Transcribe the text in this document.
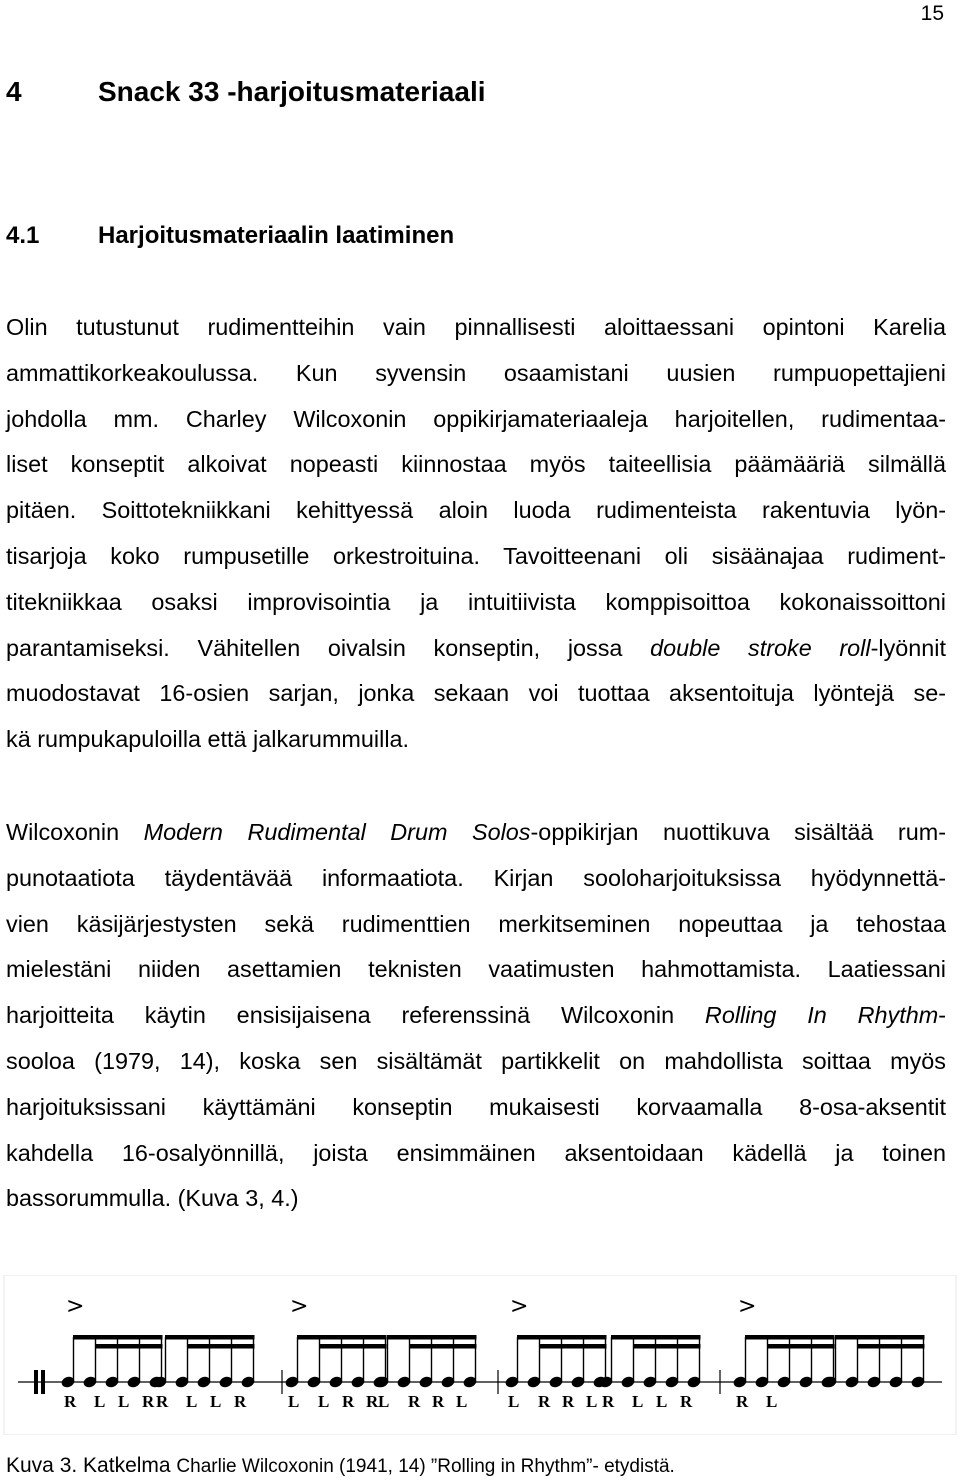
15
4	Snack 33 -harjoitusmateriaali
4.1 Harjoitusmateriaalin laatiminen
Olin tutustunut rudimentteihin vain pinnallisesti aloittaessani opintoni Karelia
ammattikorkeakoulussa. Kun syvensin osaamistani uusien rumpuopettajieni
johdolla mm. Charley Wilcoxonin oppikirjamateriaaleja harjoitellen, rudimentaa-
liset konseptit alkoivat nopeasti kiinnostaa myös taiteellisia päämääriä silmällä
pitäen. Soittotekniikkani kehittyessä aloin luoda rudimenteista rakentuvia lyön-
tisarjoja koko rumpusetille orkestroituina. Tavoitteenani oli sisäänajaa rudiment-
titekniikkaa osaksi improvisointia ja intuitiivista komppisoittoa kokonaissoittoni
parantamiseksi. Vähitellen oivalsin konseptin, jossa double stroke roll-lyönnit
muodostavat 16-osien sarjan, jonka sekaan voi tuottaa aksentoituja lyöntejä se-
kä rumpukapuloilla että jalkarummuilla.
Wilcoxonin Modern Rudimental Drum Solos-oppikirjan nuottikuva sisältää rum-
punotaatiota täydentävää informaatiota. Kirjan sooloharjoituksissa hyödynnettä-
vien käsijärjestysten sekä rudimenttien merkitseminen nopeuttaa ja tehostaa
mielestäni niiden asettamien teknisten vaatimusten hahmottamista. Laatiessani
harjoitteita käytin ensisijaisena referenssinä Wilcoxonin Rolling In Rhythm-
sooloa (1979, 14), koska sen sisältämät partikkelit on mahdollista soittaa myös
harjoituksissani käyttämäni konseptin mukaisesti korvaamalla 8-osa-aksentit
kahdella 16-osalyönnillä, joista ensimmäinen aksentoidaan kädellä ja toinen
bassorummulla. (Kuva 3, 4.)
>	>	>	>
R L L R R L L R L L R R L R R L L R R L R L L R	R L
Kuva 3. Katkelma Charlie Wilcoxonin (1941, 14) ”Rolling in Rhythm”- etydistä.
